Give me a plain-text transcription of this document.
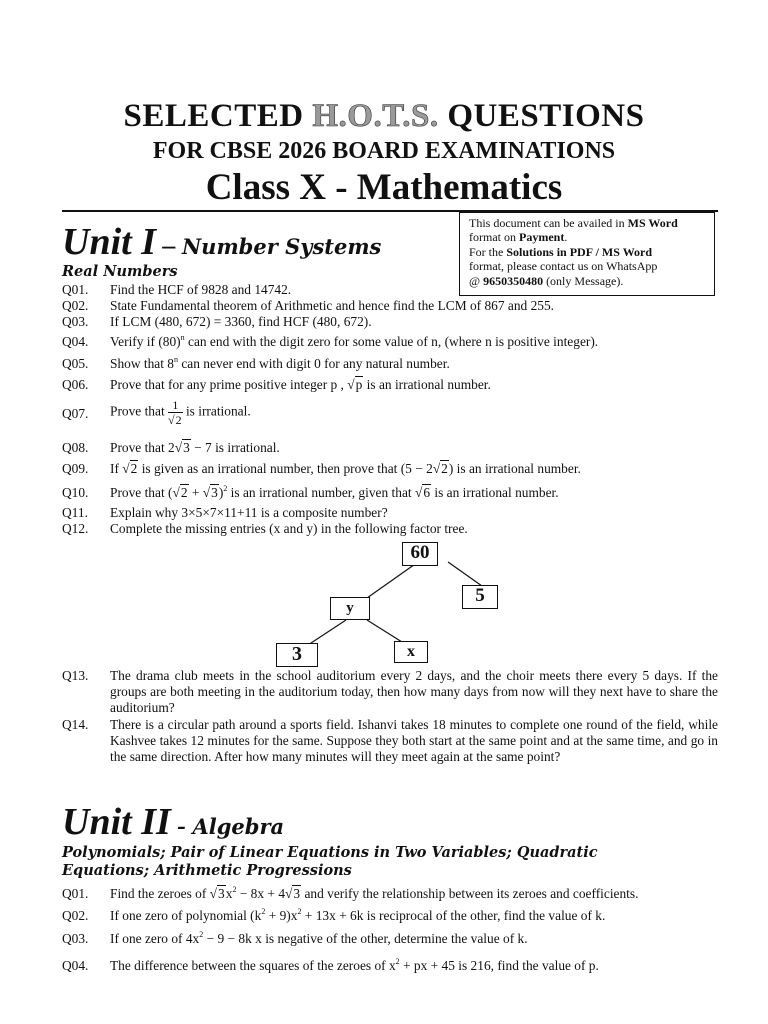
SELECTED H.O.T.S. QUESTIONS
FOR CBSE 2026 BOARD EXAMINATIONS
Class X - Mathematics
Unit I – Number Systems
This document can be availed in MS Word
format on Payment.
For the Solutions in PDF / MS Word
format, please contact us on WhatsApp
@ 9650350480 (only Message).
Real Numbers
Q01. Find the HCF of 9828 and 14742.
Q02. State Fundamental theorem of Arithmetic and hence find the LCM of 867 and 255.
Q03. If LCM (480, 672) = 3360, find HCF (480, 672).
Q04. Verify if $(80)^n$ can end with the digit zero for some value of n, (where n is positive integer).
Q05. Show that 8$^n$ can never end with digit 0 for any natural number.
Q06. Prove that for any prime positive integer p , √p is an irrational number.
Q07. Prove that $\frac{1}{√2}$ is irrational.
Q08. Prove that 2√3 − 7 is irrational.
Q09. If √2 is given as an irrational number, then prove that (5 − 2√2) is an irrational number.
Q10. Prove that $(√2 + √3)^2$ is an irrational number, given that √6 is an irrational number.
Q11. Explain why 3×5×7×11+11 is a composite number?
Q12. Complete the missing entries (x and y) in the following factor tree.
60
y
5
3	x
Q13. The drama club meets in the school auditorium every 2 days, and the choir meets there every 5 days. If the groups are both meeting in the auditorium today, then how many days from now will they next have to share the auditorium?
Q14. There is a circular path around a sports field. Ishanvi takes 18 minutes to complete one round of the field, while Kashvee takes 12 minutes for the same. Suppose they both start at the same point and at the same time, and go in the same direction. After how many minutes will they meet again at the same point?
Unit II - Algebra
Polynomials; Pair of Linear Equations in Two Variables; Quadratic
Equations; Arithmetic Progressions
Q01. Find the zeroes of $√3x^2 - 8x + 4√3$ and verify the relationship between its zeroes and coefficients.
Q02. If one zero of polynomial $(k^2 + 9)x^2 + 13x + 6k$ is reciprocal of the other, find the value of k.
Q03. If one zero of $4x^2 - 9 - 8k$ x is negative of the other, determine the value of k.
Q04. The difference between the squares of the zeroes of $x^2$ + px + 45 is 216, find the value of p.
